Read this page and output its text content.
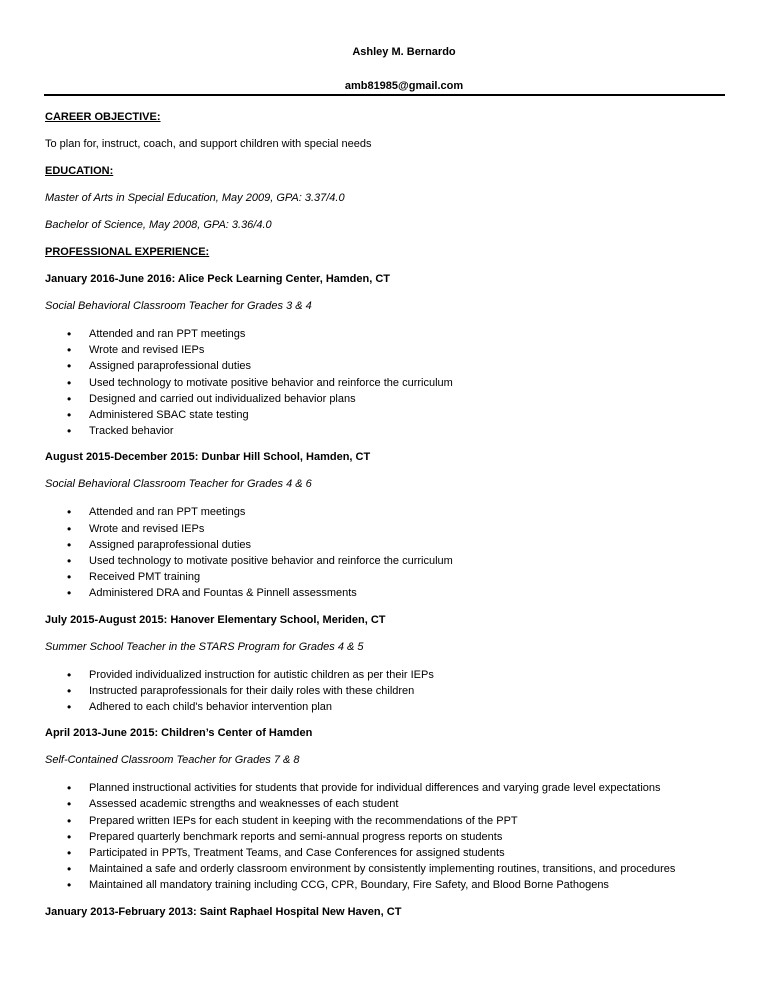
Ashley M. Bernardo
amb81985@gmail.com
CAREER OBJECTIVE:
To plan for, instruct, coach, and support children with special needs
EDUCATION:
Master of Arts in Special Education, May 2009, GPA: 3.37/4.0
Bachelor of Science, May 2008, GPA: 3.36/4.0
PROFESSIONAL EXPERIENCE:
January 2016-June 2016: Alice Peck Learning Center, Hamden, CT
Social Behavioral Classroom Teacher for Grades 3 & 4
• Attended and ran PPT meetings
• Wrote and revised IEPs
• Assigned paraprofessional duties
• Used technology to motivate positive behavior and reinforce the curriculum
• Designed and carried out individualized behavior plans
• Administered SBAC state testing
• Tracked behavior
August 2015-December 2015: Dunbar Hill School, Hamden, CT
Social Behavioral Classroom Teacher for Grades 4 & 6
• Attended and ran PPT meetings
• Wrote and revised IEPs
• Assigned paraprofessional duties
• Used technology to motivate positive behavior and reinforce the curriculum
• Received PMT training
• Administered DRA and Fountas & Pinnell assessments
July 2015-August 2015: Hanover Elementary School, Meriden, CT
Summer School Teacher in the STARS Program for Grades 4 & 5
• Provided individualized instruction for autistic children as per their IEPs
• Instructed paraprofessionals for their daily roles with these children
• Adhered to each child's behavior intervention plan
April 2013-June 2015: Children’s Center of Hamden
Self-Contained Classroom Teacher for Grades 7 & 8
• Planned instructional activities for students that provide for individual differences and varying grade level expectations
• Assessed academic strengths and weaknesses of each student
• Prepared written IEPs for each student in keeping with the recommendations of the PPT
• Prepared quarterly benchmark reports and semi-annual progress reports on students
• Participated in PPTs, Treatment Teams, and Case Conferences for assigned students
• Maintained a safe and orderly classroom environment by consistently implementing routines, transitions, and procedures
• Maintained all mandatory training including CCG, CPR, Boundary, Fire Safety, and Blood Borne Pathogens
January 2013-February 2013: Saint Raphael Hospital New Haven, CT
